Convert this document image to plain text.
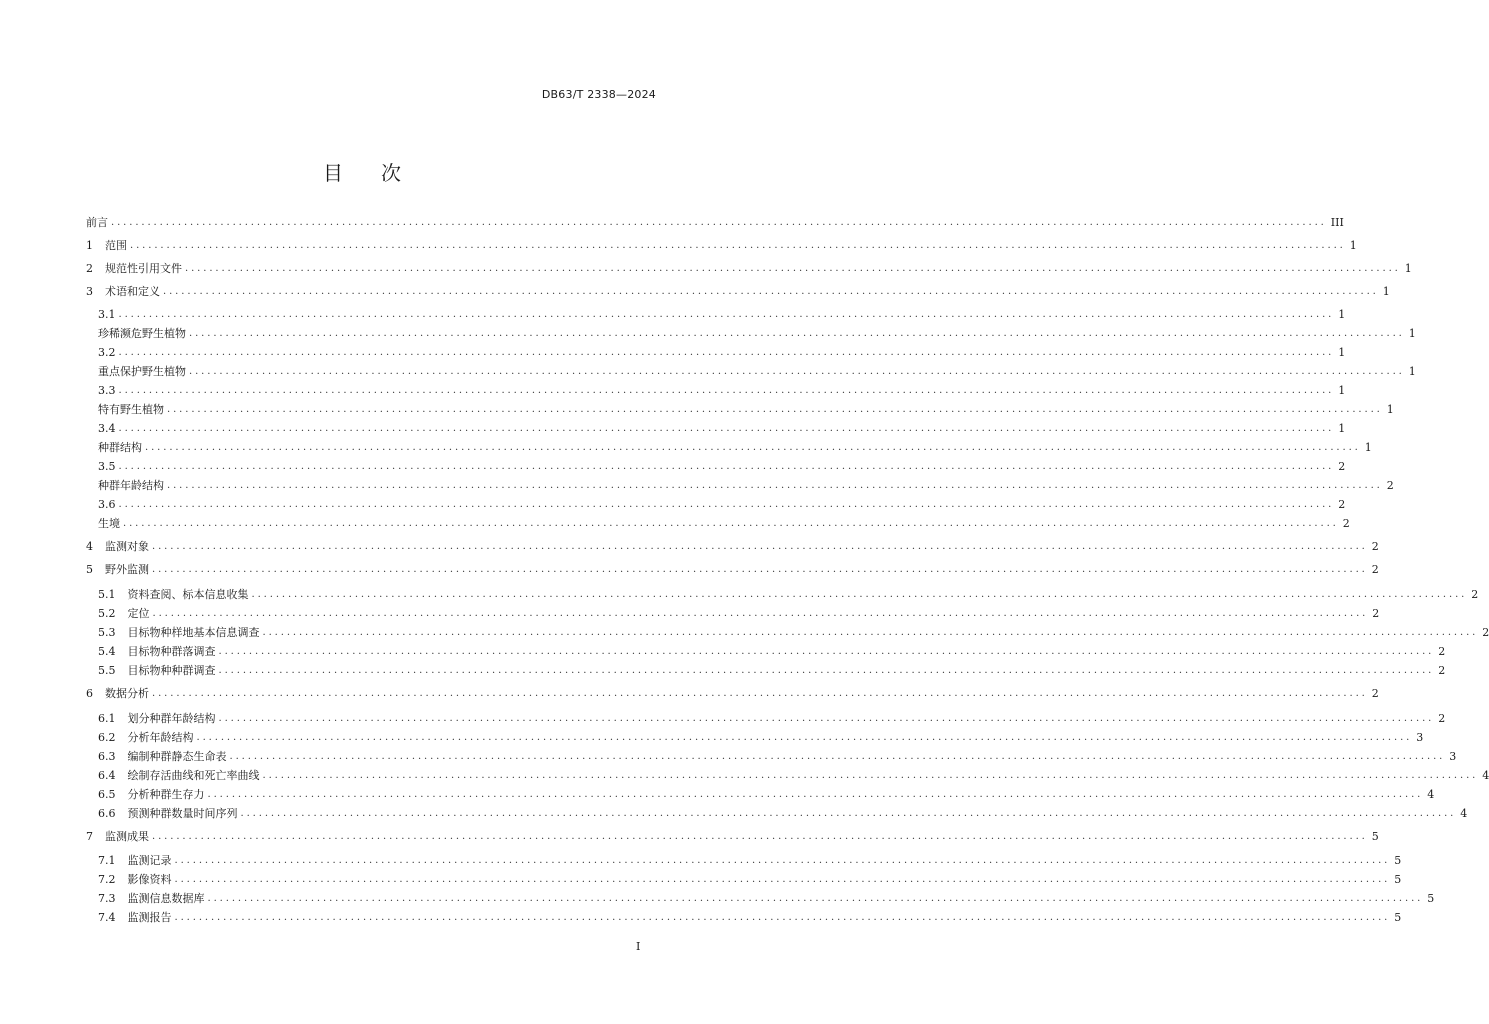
DB63/T 2338—2024
目 次
前言 ........................................................................................................................................................................................................ III
1 范围 ........................................................................................................................................................................................................ 1
2 规范性引用文件 ........................................................................................................................................................................................................ 1
3 术语和定义 ........................................................................................................................................................................................................ 1
3.1 ........................................................................................................................................................................................................ 1
珍稀濒危野生植物 ........................................................................................................................................................................................................ 1
3.2 ........................................................................................................................................................................................................ 1
重点保护野生植物 ........................................................................................................................................................................................................ 1
3.3 ........................................................................................................................................................................................................ 1
特有野生植物 ........................................................................................................................................................................................................ 1
3.4 ........................................................................................................................................................................................................ 1
种群结构 ........................................................................................................................................................................................................ 1
3.5 ........................................................................................................................................................................................................ 2
种群年龄结构 ........................................................................................................................................................................................................ 2
3.6 ........................................................................................................................................................................................................ 2
生境 ........................................................................................................................................................................................................ 2
4 监测对象 ........................................................................................................................................................................................................ 2
5 野外监测 ........................................................................................................................................................................................................ 2
5.1 资料查阅、标本信息收集 ........................................................................................................................................................................................................ 2
5.2 定位 ........................................................................................................................................................................................................ 2
5.3 目标物种样地基本信息调查 ........................................................................................................................................................................................................ 2
5.4 目标物种群落调查 ........................................................................................................................................................................................................ 2
5.5 目标物种种群调查 ........................................................................................................................................................................................................ 2
6 数据分析 ........................................................................................................................................................................................................ 2
6.1 划分种群年龄结构 ........................................................................................................................................................................................................ 2
6.2 分析年龄结构 ........................................................................................................................................................................................................ 3
6.3 编制种群静态生命表 ........................................................................................................................................................................................................ 3
6.4 绘制存活曲线和死亡率曲线 ........................................................................................................................................................................................................ 4
6.5 分析种群生存力 ........................................................................................................................................................................................................ 4
6.6 预测种群数量时间序列 ........................................................................................................................................................................................................ 4
7 监测成果 ........................................................................................................................................................................................................ 5
7.1 监测记录 ........................................................................................................................................................................................................ 5
7.2 影像资料 ........................................................................................................................................................................................................ 5
7.3 监测信息数据库 ........................................................................................................................................................................................................ 5
7.4 监测报告 ........................................................................................................................................................................................................ 5
I
